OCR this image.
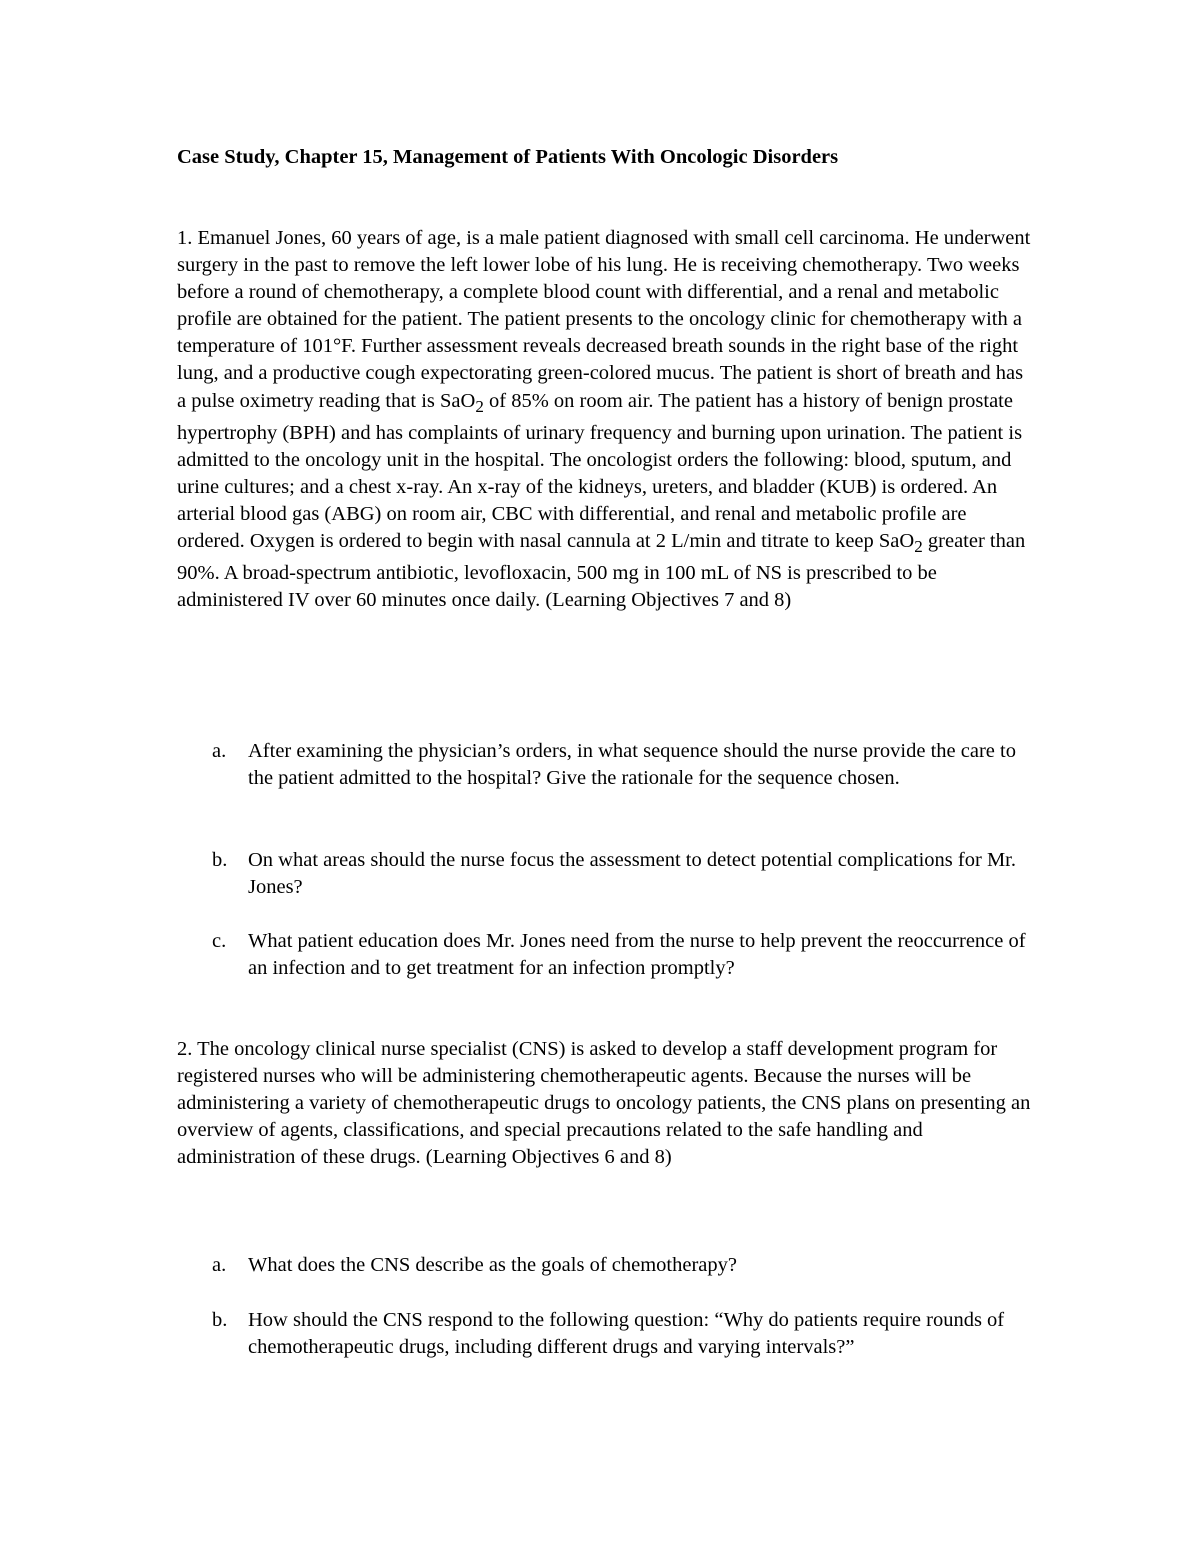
Case Study, Chapter 15, Management of Patients With Oncologic Disorders

1. Emanuel Jones, 60 years of age, is a male patient diagnosed with small cell carcinoma. He underwent surgery in the past to remove the left lower lobe of his lung. He is receiving chemotherapy. Two weeks before a round of chemotherapy, a complete blood count with differential, and a renal and metabolic profile are obtained for the patient. The patient presents to the oncology clinic for chemotherapy with a temperature of 101°F. Further assessment reveals decreased breath sounds in the right base of the right lung, and a productive cough expectorating green-colored mucus. The patient is short of breath and has a pulse oximetry reading that is SaO$_2$ of 85% on room air. The patient has a history of benign prostate hypertrophy (BPH) and has complaints of urinary frequency and burning upon urination. The patient is admitted to the oncology unit in the hospital. The oncologist orders the following: blood, sputum, and urine cultures; and a chest x-ray. An x-ray of the kidneys, ureters, and bladder (KUB) is ordered. An arterial blood gas (ABG) on room air, CBC with differential, and renal and metabolic profile are ordered. Oxygen is ordered to begin with nasal cannula at 2 L/min and titrate to keep SaO$_2$ greater than 90%. A broad-spectrum antibiotic, levofloxacin, 500 mg in 100 mL of NS is prescribed to be administered IV over 60 minutes once daily. (Learning Objectives 7 and 8)

a.	After examining the physician’s orders, in what sequence should the nurse provide the care to the patient admitted to the hospital? Give the rationale for the sequence chosen.
b.	On what areas should the nurse focus the assessment to detect potential complications for Mr. Jones?
c.	What patient education does Mr. Jones need from the nurse to help prevent the reoccurrence of an infection and to get treatment for an infection promptly?

2. The oncology clinical nurse specialist (CNS) is asked to develop a staff development program for registered nurses who will be administering chemotherapeutic agents. Because the nurses will be administering a variety of chemotherapeutic drugs to oncology patients, the CNS plans on presenting an overview of agents, classifications, and special precautions related to the safe handling and administration of these drugs. (Learning Objectives 6 and 8)

a.	What does the CNS describe as the goals of chemotherapy?
b.	How should the CNS respond to the following question: “Why do patients require rounds of chemotherapeutic drugs, including different drugs and varying intervals?”
